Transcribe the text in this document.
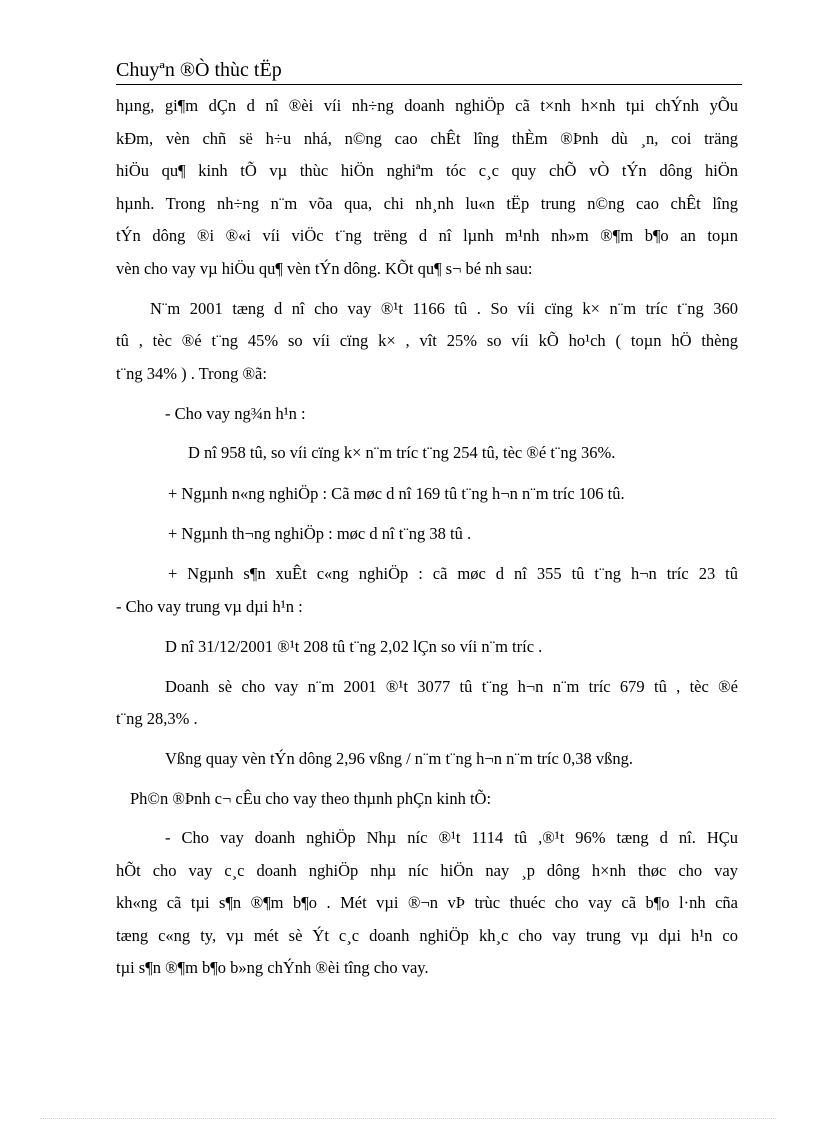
Chuyªn ®Ò thùc tËp
hµng, gi¶m dÇn d nî ®èi víi nh÷ng doanh nghiÖp cã t×nh h×nh tµi chÝnh yÕu
kÐm, vèn chñ së h÷u nhá, n©ng cao chÊt lîng thÈm ®Þnh dù ¸n, coi träng
hiÖu qu¶ kinh tÕ vµ thùc hiÖn nghiªm tóc c¸c quy chÕ vÒ tÝn dông hiÖn
hµnh. Trong nh÷ng n¨m võa qua, chi nh¸nh lu«n tËp trung n©ng cao chÊt lîng
tÝn dông ®i ®«i víi viÖc t¨ng trëng d nî lµnh m¹nh nh»m ®¶m b¶o an toµn
vèn cho vay vµ hiÖu qu¶ vèn tÝn dông. KÕt qu¶ s¬ bé nh sau:
N¨m 2001 tæng d nî cho vay ®¹t 1166 tû . So víi cïng k× n¨m tríc t¨ng 360
tû , tèc ®é t¨ng 45% so víi cïng k× , vît 25% so víi kÕ ho¹ch ( toµn hÖ thèng
t¨ng 34% ) . Trong ®ã:
- Cho vay ng¾n h¹n :
D nî 958 tû, so víi cïng k× n¨m tríc t¨ng 254 tû, tèc ®é t¨ng 36%.
+ Ngµnh n«ng nghiÖp : Cã møc d nî 169 tû t¨ng h¬n n¨m tríc 106 tû.
+ Ngµnh th¬ng nghiÖp : møc d nî t¨ng 38 tû .
+ Ngµnh s¶n xuÊt c«ng nghiÖp : cã møc d nî 355 tû t¨ng h¬n tríc 23 tû
- Cho vay trung vµ dµi h¹n :
D nî 31/12/2001 ®¹t 208 tû t¨ng 2,02 lÇn so víi n¨m tríc .
Doanh sè cho vay n¨m 2001 ®¹t 3077 tû t¨ng h¬n n¨m tríc 679 tû , tèc ®é
t¨ng 28,3% .
Vßng quay vèn tÝn dông 2,96 vßng / n¨m t¨ng h¬n n¨m tríc 0,38 vßng.
Ph©n ®Þnh c¬ cÊu cho vay theo thµnh phÇn kinh tÕ:
- Cho vay doanh nghiÖp Nhµ níc ®¹t 1114 tû ,®¹t 96% tæng d nî. HÇu
hÕt cho vay c¸c doanh nghiÖp nhµ níc hiÖn nay ¸p dông h×nh thøc cho vay
kh«ng cã tµi s¶n ®¶m b¶o . Mét vµi ®¬n vÞ trùc thuéc cho vay cã b¶o l·nh cña
tæng c«ng ty, vµ mét sè Ýt c¸c doanh nghiÖp kh¸c cho vay trung vµ dµi h¹n co
tµi s¶n ®¶m b¶o b»ng chÝnh ®èi tîng cho vay.
